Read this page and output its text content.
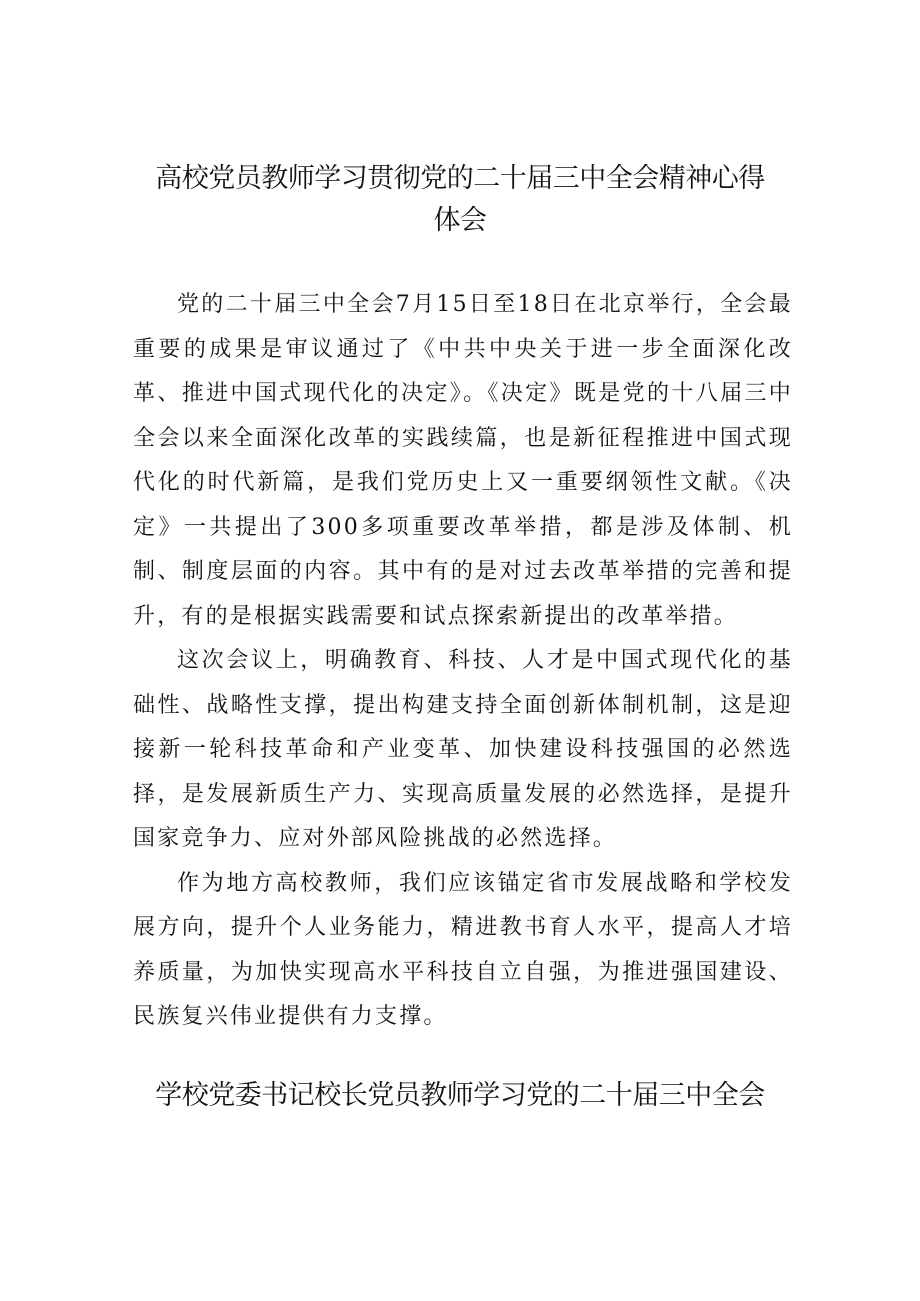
高校党员教师学习贯彻党的二十届三中全会精神心得体会

党的二十届三中全会7月15日至18日在北京举行，全会最重要的成果是审议通过了《中共中央关于进一步全面深化改革、推进中国式现代化的决定》。《决定》既是党的十八届三中全会以来全面深化改革的实践续篇，也是新征程推进中国式现代化的时代新篇，是我们党历史上又一重要纲领性文献。《决定》一共提出了300多项重要改革举措，都是涉及体制、机制、制度层面的内容。其中有的是对过去改革举措的完善和提升，有的是根据实践需要和试点探索新提出的改革举措。

这次会议上，明确教育、科技、人才是中国式现代化的基础性、战略性支撑，提出构建支持全面创新体制机制，这是迎接新一轮科技革命和产业变革、加快建设科技强国的必然选择，是发展新质生产力、实现高质量发展的必然选择，是提升国家竞争力、应对外部风险挑战的必然选择。

作为地方高校教师，我们应该锚定省市发展战略和学校发展方向，提升个人业务能力，精进教书育人水平，提高人才培养质量，为加快实现高水平科技自立自强，为推进强国建设、民族复兴伟业提供有力支撑。

学校党委书记校长党员教师学习党的二十届三中全会
